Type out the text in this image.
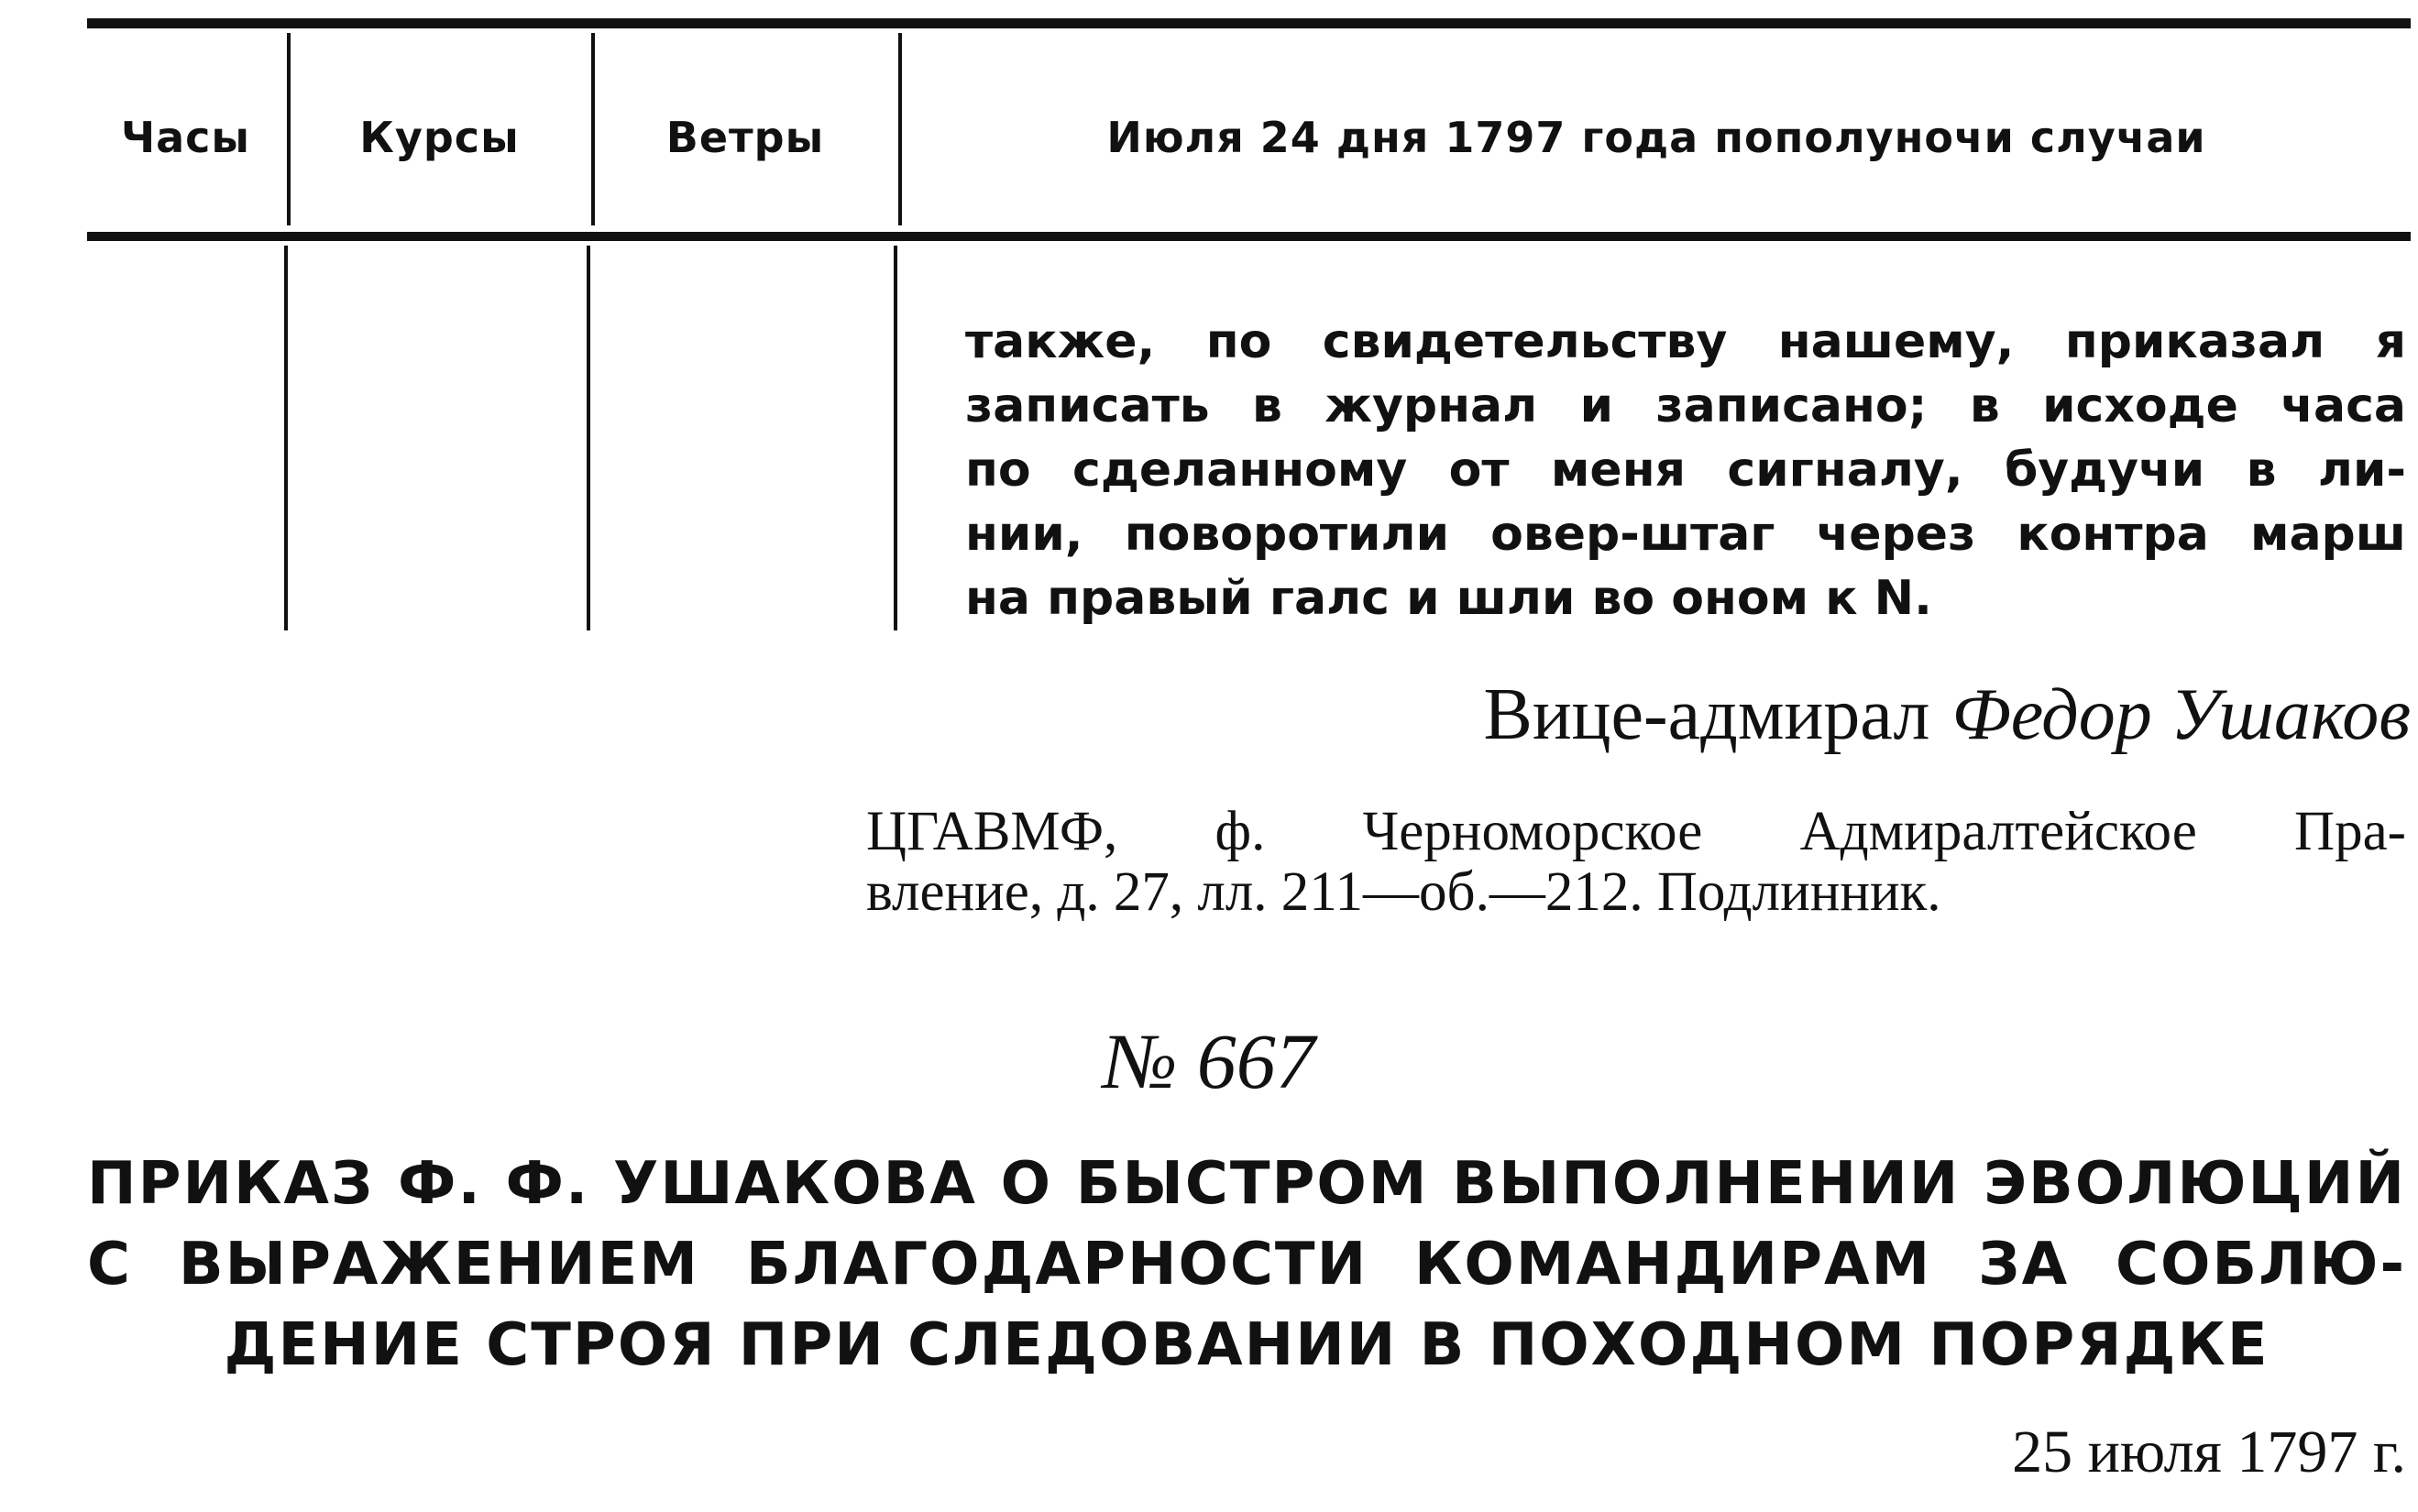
Часы	Курсы	Ветры	Июля 24 дня 1797 года пополуночи случаи
также, по свидетельству нашему, приказал я
записать в журнал и записано; в исходе часа
по сделанному от меня сигналу, будучи в ли-
нии, поворотили овер-штаг через контра марш
на правый галс и шли во оном к N.
Вице-адмирал Федор Ушаков
ЦГАВМФ, ф. Черноморское Адмиралтейское Пра-
вление, д. 27, лл. 211—об.—212. Подлинник.
№ 667
ПРИКАЗ Ф. Ф. УШАКОВА О БЫСТРОМ ВЫПОЛНЕНИИ ЭВОЛЮЦИЙ
С ВЫРАЖЕНИЕМ БЛАГОДАРНОСТИ КОМАНДИРАМ ЗА СОБЛЮ-
ДЕНИЕ СТРОЯ ПРИ СЛЕДОВАНИИ В ПОХОДНОМ ПОРЯДКЕ
25 июля 1797 г.
